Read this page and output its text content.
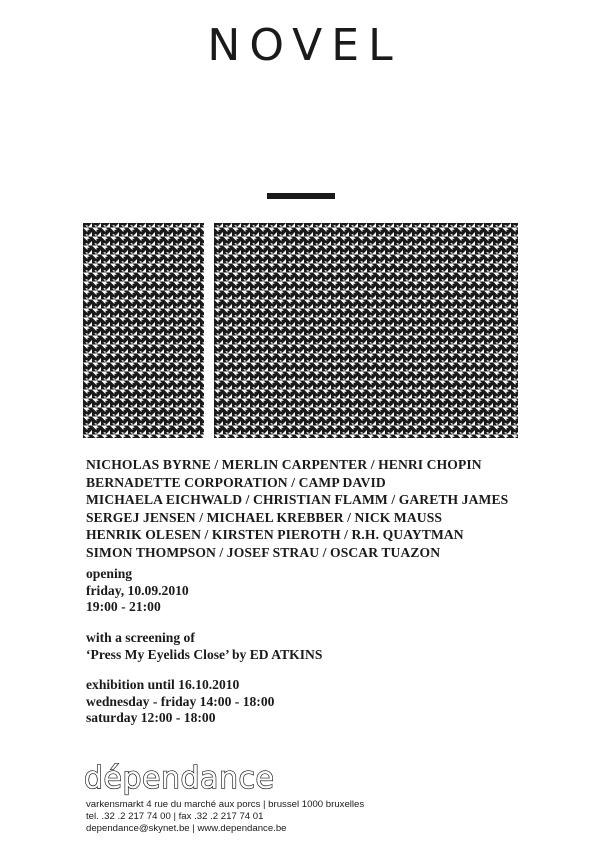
NOVEL
NICHOLAS BYRNE / MERLIN CARPENTER / HENRI CHOPIN
BERNADETTE CORPORATION / CAMP DAVID
MICHAELA EICHWALD / CHRISTIAN FLAMM / GARETH JAMES
SERGEJ JENSEN / MICHAEL KREBBER / NICK MAUSS
HENRIK OLESEN / KIRSTEN PIEROTH / R.H. QUAYTMAN
SIMON THOMPSON / JOSEF STRAU / OSCAR TUAZON
opening
friday, 10.09.2010
19:00 - 21:00
with a screening of
‘Press My Eyelids Close’ by ED ATKINS
exhibition until 16.10.2010
wednesday - friday 14:00 - 18:00
saturday 12:00 - 18:00
dépendance
varkensmarkt 4 rue du marché aux porcs | brussel 1000 bruxelles
tel. .32 .2 217 74 00 | fax .32 .2 217 74 01
dependance@skynet.be | www.dependance.be
